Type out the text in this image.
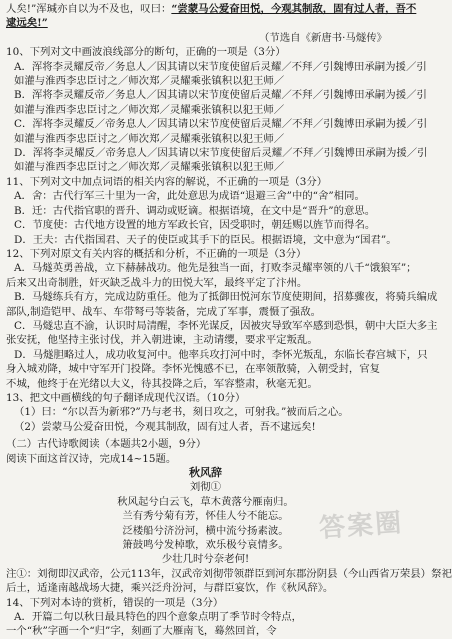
人矣!”浑瑊亦自以为不及也，叹曰：“尝蒙马公爱奋田悦，今观其制敌，固有过人者，吾不
逮远矣!”
（节选自《新唐书·马燧传》
10、下列对文中画波浪线部分的断句，正确的一项是（3分）
A．浑将李灵耀反帝／务息人／因其请以宋节度使留后灵耀／不拜／引魏博田承嗣为援／引
如灌与淮西李忠臣讨之／师次郑／灵耀乘张镇积以犯王师／
B．浑将李灵耀反帝／务息人／因其请以宋节度使留后灵耀／不拜／引魏博田承嗣为援／引
如灌与淮西李忠臣讨之／师次郑／灵耀乘张镇积以犯王师／
C．浑将李灵耀反／帝务息人／因其请以宋节度使留后灵耀／不拜／引魏博田承嗣为援／引
如灌与淮西李忠臣讨之／师次郑／灵耀乘张镇积以犯王师／
D．浑将李灵耀反／帝务息人／因其请以宋节度使留后灵耀／不拜／引魏博田承嗣为援／引
如灌与淮西李忠臣讨之／师次郑／灵耀乘张镇积以犯王师／
11、下列对文中加点词语的相关内容的解说，不正确的一项是（3分）
A．舍：古代行军三十里为一舍，此处意思为成语“退避三舍”中的“舍”相同。
B．迁：古代指官职的晋升、调动或贬谪。根据语境，在文中是“晋升”的意思。
C．节度使：古代地方设置的地方军政长官，因受职时，朝廷赐以旌节而得名。
D．王夫：古代指国君、天子的使臣或其手下的臣民。根据语境，文中意为“国君”。
12、下列对原文有关内容的概括和分析，不正确的一项是（3分）
A．马燧英勇善战，立下赫赫战功。他先是独当一面，打败李灵耀率领的八千“饿狼军”；
后来又出奇制胜，奸灭缺乏战斗力的田悦大军，最终平定了汴州。
B．马燧练兵有方，完成边防重任。他为了抵御田悦河东节度使期间，招募骤夜，将骑兵编成
部队,制造铠甲、战车、车带弩弓等装备，完成了军事，震慑了强敌。
C．马燧忠直不渝，认识时局清醒，李怀光谋反，因被灾导致军卒感到恐惧，朝中大臣大多主
张安抚，他坚持主张讨伐，并入朝进谏，主动请缨，要求平定叛乱。
D．马燧胆略过人，成功收复河中。他率兵攻打河中时，李怀光叛乱，东临长春宫城下，只
身入城劝降，城中守军开门投降。李怀光愧感不已，在率领散骑，入朝受封，官复
不城，他终于在光绪以大义，待其投降之后，军容整肃，秋毫无犯。
13、把文中画横线的句子翻译成现代汉语。（10分）
（1）曰：“尔以吾为新邪?”乃与老书，刻日攻之，可射我。”被而后之心。
（2）尝蒙马公爱奋田悦，今观其制敌，固有过人者，吾不逮远矣!
（二）古代诗歌阅读（本题共2小题，9分）
阅读下面这首汉诗，完成14~15题。
秋风辞
刘彻①
秋风起兮白云飞，草木黄落兮雁南归。
兰有秀兮菊有芳，怀佳人兮不能忘。
泛楼船兮济汾河，横中流兮扬素波。
箫鼓鸣兮发棹歌，欢乐极兮哀情多。
少壮几时兮奈老何!
注①：刘彻即汉武帝，公元113年，汉武帝刘彻带领群臣到河东郡汾阴县（今山西省万荣县）祭祀
后土，适逢南越战场大捷，乘兴泛舟汾河，与群臣宴饮，作《秋风辞》。
14、下列对本诗的赏析，错误的一项是（3分）
A．开篇二句以秋日最具特色的四个意象点明了季节时令特点，
一个“秋”字画一个“归”字，刻画了大雁南飞，蓦然回首，令
答案圈
